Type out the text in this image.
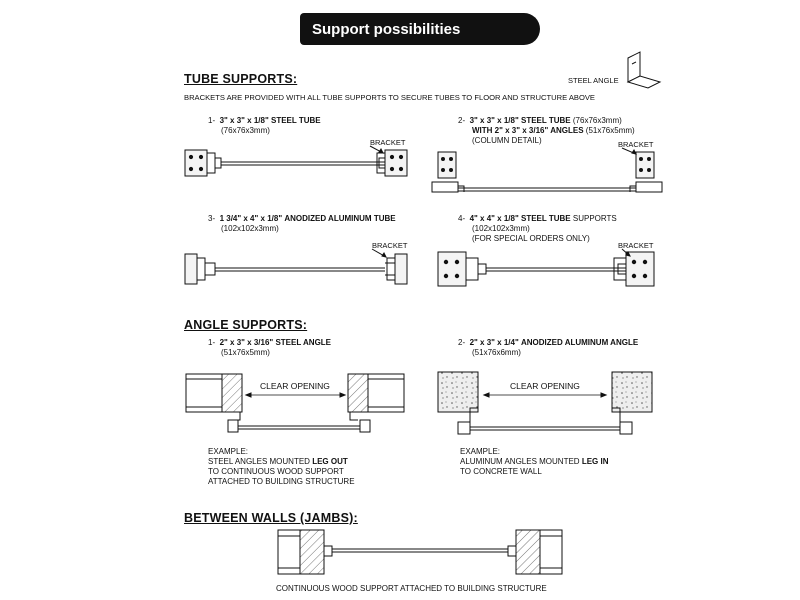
Support possibilities
TUBE SUPPORTS:
BRACKETS ARE PROVIDED WITH ALL TUBE SUPPORTS TO SECURE TUBES TO FLOOR AND STRUCTURE ABOVE
STEEL ANGLE
1- 3" x 3" x 1/8" STEEL TUBE
(76x76x3mm)
BRACKET
2- 3" x 3" x 1/8" STEEL TUBE (76x76x3mm)
WITH 2" x 3" x 3/16" ANGLES (51x76x5mm)
(COLUMN DETAIL)	BRACKET
3- 1 3/4" x 4" x 1/8" ANODIZED ALUMINUM TUBE
(102x102x3mm)
BRACKET
4- 4" x 4" x 1/8" STEEL TUBE SUPPORTS
(102x102x3mm)
(FOR SPECIAL ORDERS ONLY)
BRACKET
ANGLE SUPPORTS:
1- 2" x 3" x 3/16" STEEL ANGLE
(51x76x5mm)
2- 2" x 3" x 1/4" ANODIZED ALUMINUM ANGLE
(51x76x6mm)
CLEAR OPENING	CLEAR OPENING
EXAMPLE:
STEEL ANGLES MOUNTED LEG OUT
TO CONTINUOUS WOOD SUPPORT
ATTACHED TO BUILDING STRUCTURE
EXAMPLE:
ALUMINUM ANGLES MOUNTED LEG IN
TO CONCRETE WALL
BETWEEN WALLS (JAMBS):
CONTINUOUS WOOD SUPPORT ATTACHED TO BUILDING STRUCTURE
